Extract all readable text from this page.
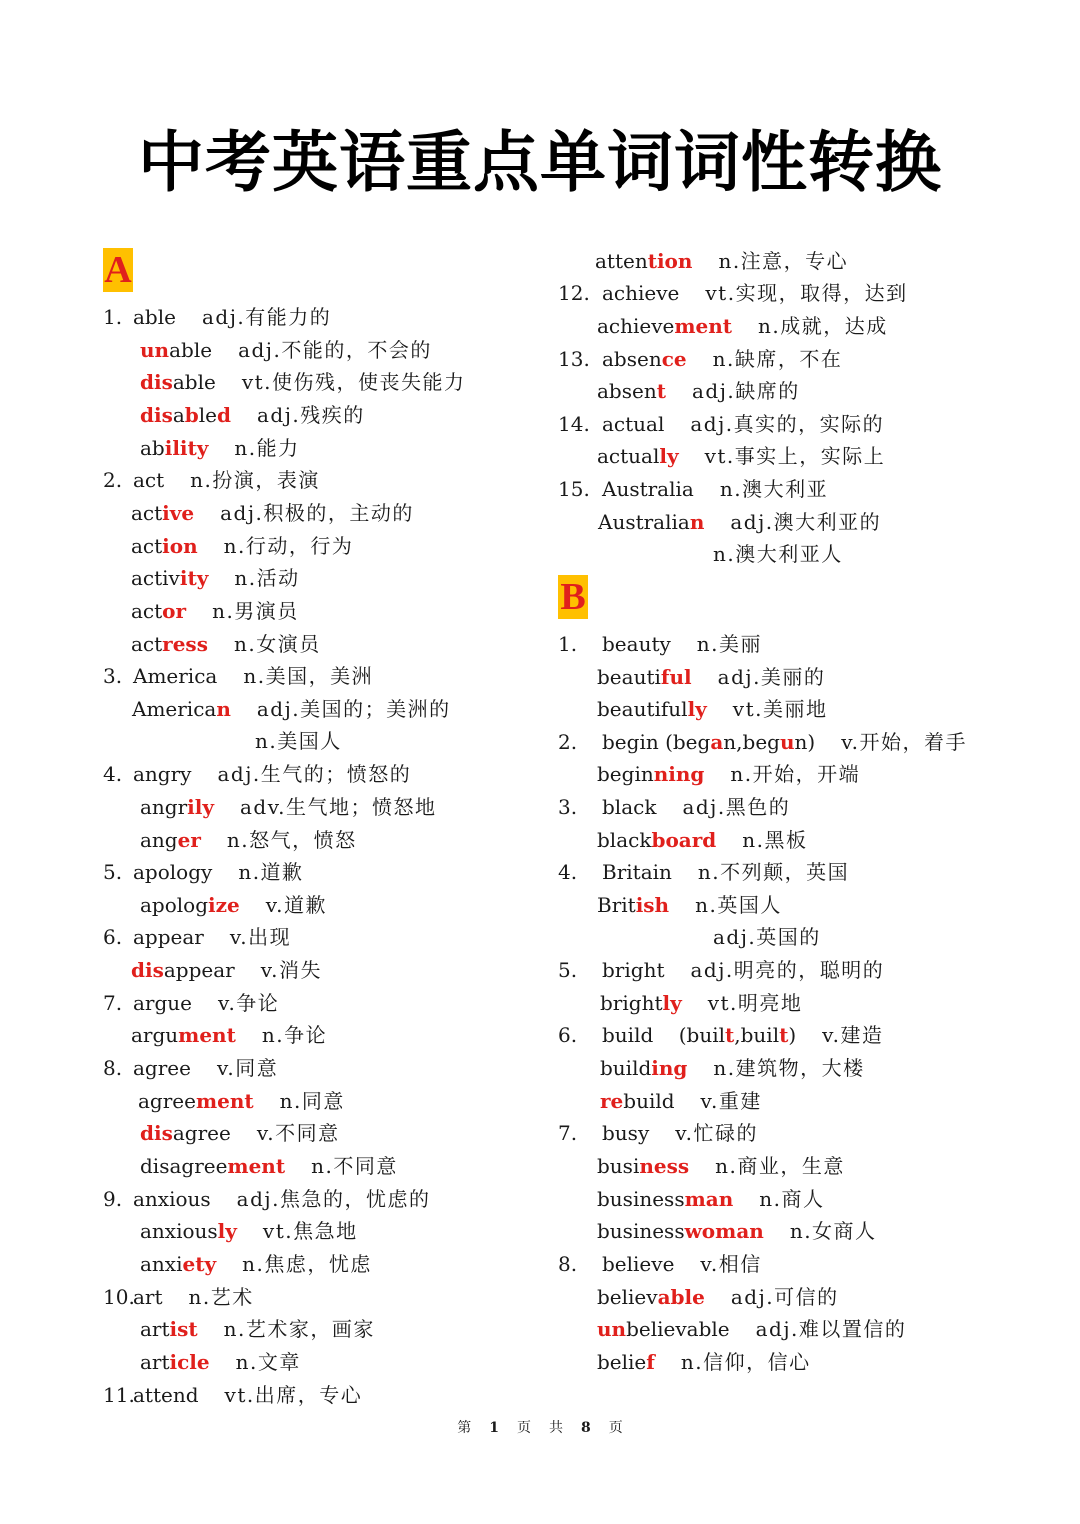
中考英语重点单词词性转换
A
1. able adj.有能力的
unable adj.不能的，不会的
disable vt.使伤残，使丧失能力
disabled adj.残疾的
ability n.能力
2. act n.扮演，表演
active adj.积极的，主动的
action n.行动，行为
activity n.活动
actor n.男演员
actress n.女演员
3. America n.美国，美洲
American adj.美国的；美洲的
n.美国人
4. angry adj.生气的；愤怒的
angrily adv.生气地；愤怒地
anger n.怒气，愤怒
5. apology n.道歉
apologize v.道歉
6. appear v.出现
disappear v.消失
7. argue v.争论
argument n.争论
8. agree v.同意
agreement n.同意
disagree v.不同意
disagreement n.不同意
9. anxious adj.焦急的，忧虑的
anxiously vt.焦急地
anxiety n.焦虑，忧虑
10.art n.艺术
artist n.艺术家，画家
article n.文章
11.attend vt.出席，专心
B
attention n.注意，专心
12. achieve vt.实现，取得，达到
achievement n.成就，达成
13. absence n.缺席，不在
absent adj.缺席的
14. actual adj.真实的，实际的
actually vt.事实上，实际上
15. Australia n.澳大利亚
Australian adj.澳大利亚的
n.澳大利亚人
1. beauty n.美丽
beautiful adj.美丽的
beautifully vt.美丽地
2. begin (began,begun) v.开始，着手
beginning n.开始，开端
3. black adj.黑色的
blackboard n.黑板
4. Britain n.不列颠，英国
British n.英国人
adj.英国的
5. bright adj.明亮的，聪明的
brightly vt.明亮地
6. build    (built,built) v.建造
building n.建筑物，大楼
rebuild v.重建
7. busy v.忙碌的
business n.商业，生意
businessman n.商人
businesswoman n.女商人
8. believe v.相信
believable adj.可信的
unbelievable adj.难以置信的
belief n.信仰，信心
第 1 页 共 8 页
